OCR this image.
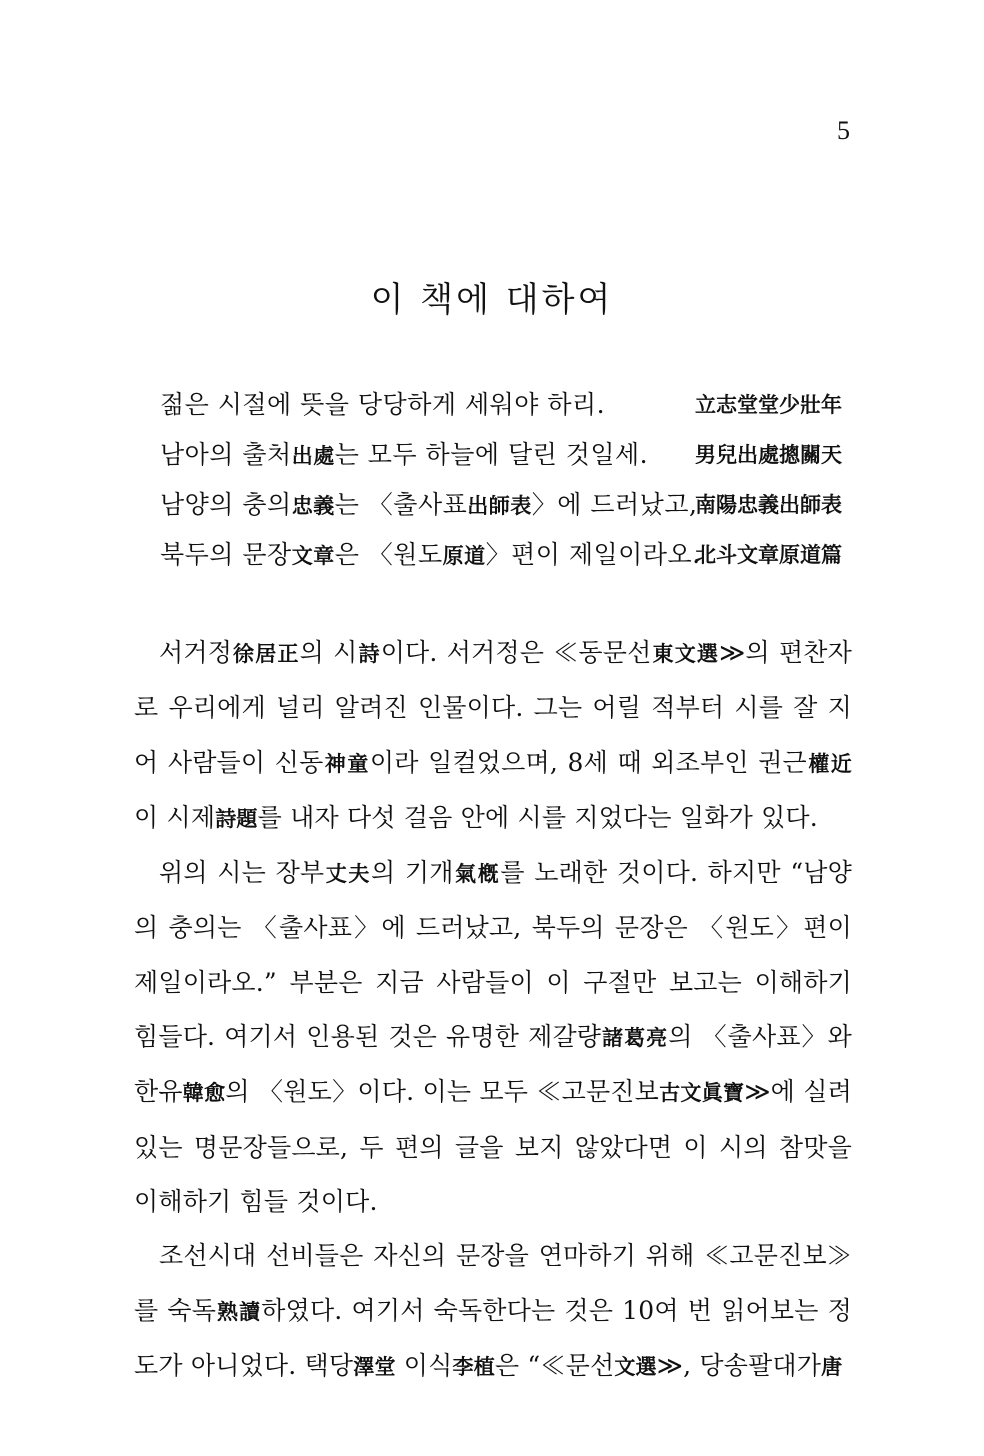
5
이 책에 대하여
젊은 시절에 뜻을 당당하게 세워야 하리.	立志堂堂少壯年
남아의 출처出處는 모두 하늘에 달린 것일세. 男兒出處摠關天
남양의 충의忠義는 〈출사표出師表〉에 드러났고,
南陽忠義出師表
북두의 문장文章은 〈원도原道〉편이 제일이라오.
北斗文章原道篇

서거정徐居正의 시詩이다. 서거정은 ≪동문선東文選≫의 편찬자로 우리에게 널리 알려진 인물이다. 그는 어릴 적부터 시를 잘 지어 사람들이 신동神童이라 일컬었으며, 8세 때 외조부인 권근權近이 시제詩題를 내자 다섯 걸음 안에 시를 지었다는 일화가 있다.

위의 시는 장부丈夫의 기개氣槪를 노래한 것이다. 하지만 “남양의 충의는 〈출사표〉에 드러났고, 북두의 문장은 〈원도〉편이 제일이라오.” 부분은 지금 사람들이 이 구절만 보고는 이해하기 힘들다. 여기서 인용된 것은 유명한 제갈량諸葛亮의 〈출사표〉와 한유韓愈의 〈원도〉이다. 이는 모두 ≪고문진보古文眞寶≫에 실려 있는 명문장들으로, 두 편의 글을 보지 않았다면 이 시의 참맛을 이해하기 힘들 것이다.

조선시대 선비들은 자신의 문장을 연마하기 위해 ≪고문진보≫를 숙독熟讀하였다. 여기서 숙독한다는 것은 10여 번 읽어보는 정도가 아니었다. 택당澤堂 이식李植은 “≪문선文選≫, 당송팔대가唐
